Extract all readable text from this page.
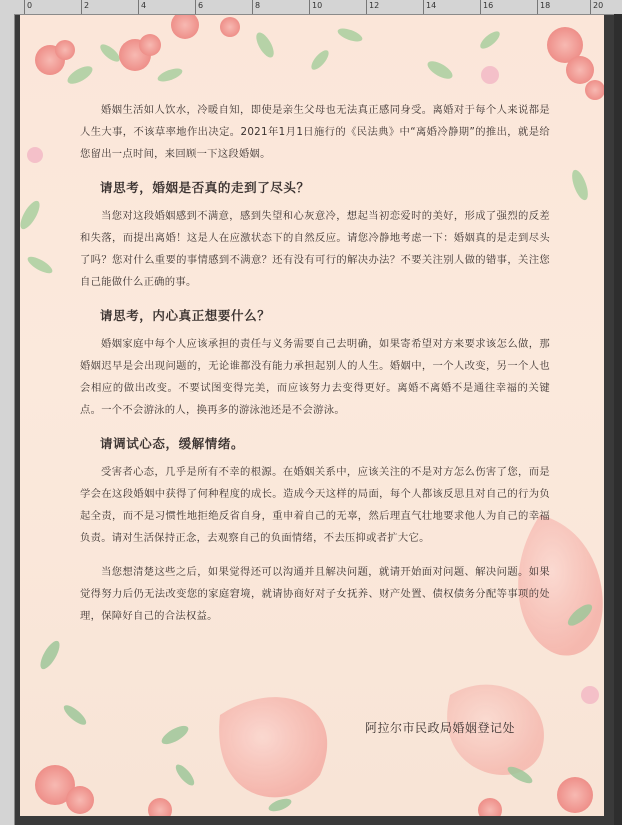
0	2	4	6	8	10	12	14	16	18	20

婚姻生活如人饮水，冷暖自知，即使是亲生父母也无法真正感同身受。离婚对于每个人来说都是人生大事，不该草率地作出决定。2021年1月1日施行的《民法典》中“离婚冷静期”的推出，就是给您留出一点时间，来回顾一下这段婚姻。

请思考，婚姻是否真的走到了尽头？

当您对这段婚姻感到不满意，感到失望和心灰意冷，想起当初恋爱时的美好，形成了强烈的反差和失落，而提出离婚！这是人在应激状态下的自然反应。请您冷静地考虑一下：婚姻真的是走到尽头了吗？您对什么重要的事情感到不满意？还有没有可行的解决办法？不要关注别人做的错事，关注您自己能做什么正确的事。

请思考，内心真正想要什么？

婚姻家庭中每个人应该承担的责任与义务需要自己去明确，如果寄希望对方来要求该怎么做，那婚姻迟早是会出现问题的，无论谁都没有能力承担起别人的人生。婚姻中，一个人改变，另一个人也会相应的做出改变。不要试图变得完美，而应该努力去变得更好。离婚不离婚不是通往幸福的关键点。一个不会游泳的人，换再多的游泳池还是不会游泳。

请调试心态，缓解情绪。

受害者心态，几乎是所有不幸的根源。在婚姻关系中，应该关注的不是对方怎么伤害了您，而是学会在这段婚姻中获得了何种程度的成长。造成今天这样的局面，每个人都该反思且对自己的行为负起全责，而不是习惯性地拒绝反省自身，重申着自己的无辜，然后理直气壮地要求他人为自己的幸福负责。请对生活保持正念，去观察自己的负面情绪，不去压抑或者扩大它。

当您想清楚这些之后，如果觉得还可以沟通并且解决问题，就请开始面对问题、解决问题。如果觉得努力后仍无法改变您的家庭窘境，就请协商好对子女抚养、财产处置、债权债务分配等事项的处理，保障好自己的合法权益。

阿拉尔市民政局婚姻登记处
